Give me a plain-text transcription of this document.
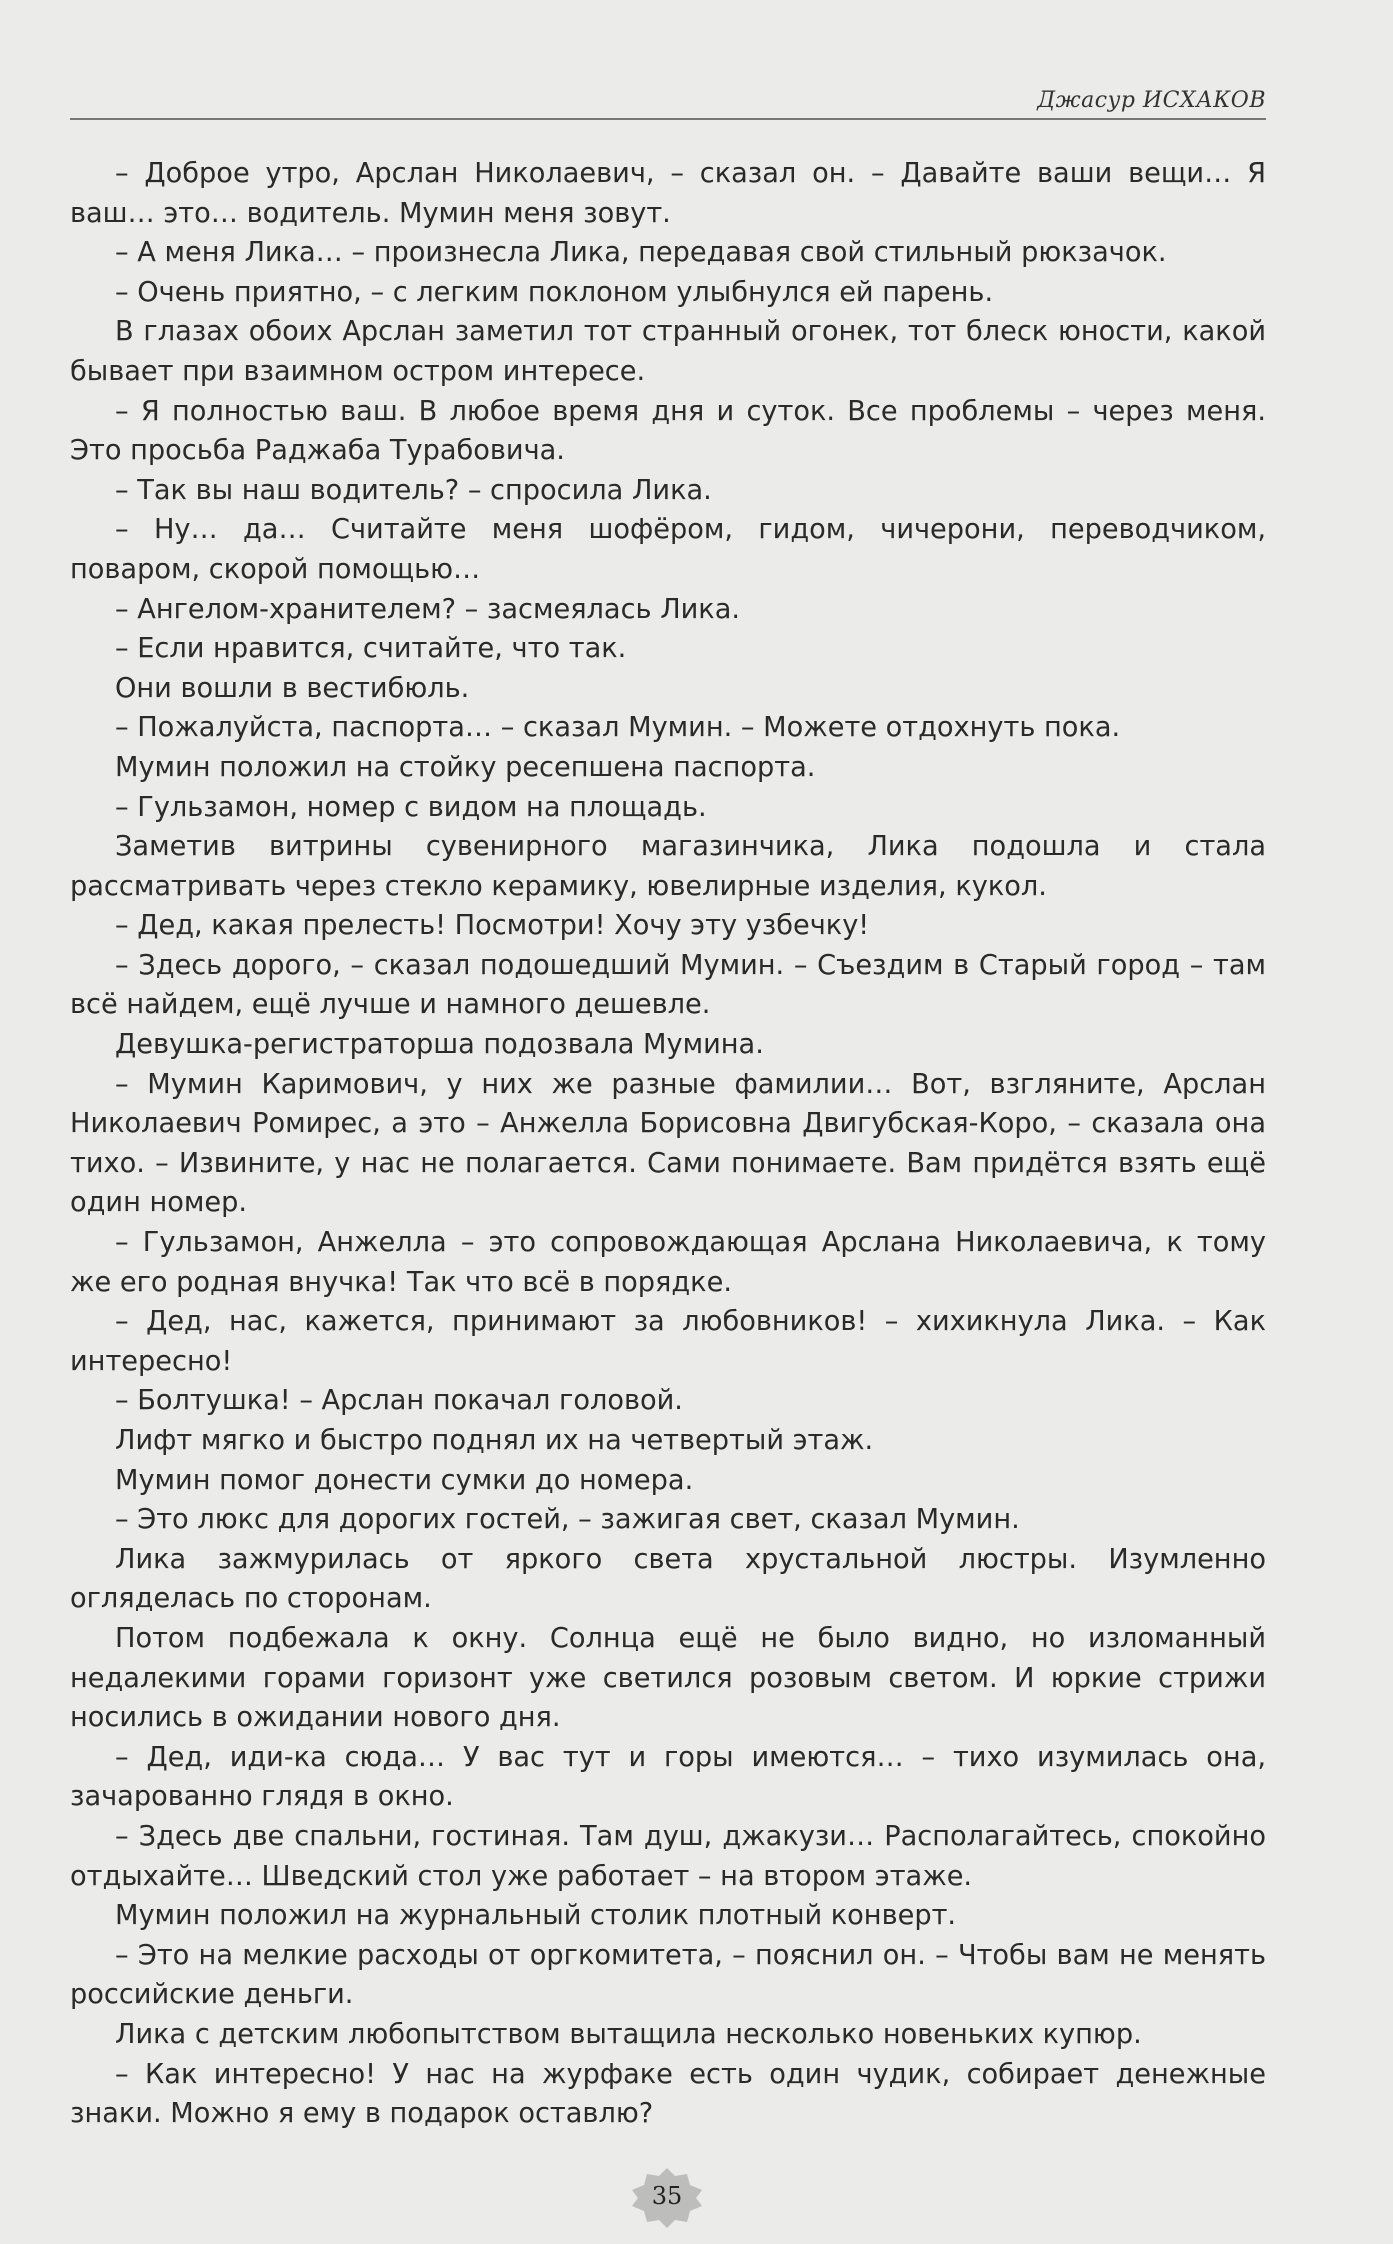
Джасур ИСХАКОВ

– Доброе утро, Арслан Николаевич, – сказал он. – Давайте ваши вещи… Я ваш… это… водитель. Мумин меня зовут.

– А меня Лика… – произнесла Лика, передавая свой стильный рюкзачок.

– Очень приятно, – с легким поклоном улыбнулся ей парень.

В глазах обоих Арслан заметил тот странный огонек, тот блеск юности, какой бывает при взаимном остром интересе.

– Я полностью ваш. В любое время дня и суток. Все проблемы – через меня. Это просьба Раджаба Турабовича.

– Так вы наш водитель? – спросила Лика.

– Ну… да… Считайте меня шофёром, гидом, чичерони, переводчиком, поваром, скорой помощью…

– Ангелом-хранителем? – засмеялась Лика.

– Если нравится, считайте, что так.

Они вошли в вестибюль.

– Пожалуйста, паспорта… – сказал Мумин. – Можете отдохнуть пока.

Мумин положил на стойку ресепшена паспорта.

– Гульзамон, номер с видом на площадь.

Заметив витрины сувенирного магазинчика, Лика подошла и стала рассматривать через стекло керамику, ювелирные изделия, кукол.

– Дед, какая прелесть! Посмотри! Хочу эту узбечку!

– Здесь дорого, – сказал подошедший Мумин. – Съездим в Старый город – там всё найдем, ещё лучше и намного дешевле.

Девушка-регистраторша подозвала Мумина.

– Мумин Каримович, у них же разные фамилии… Вот, взгляните, Арслан Николаевич Ромирес, а это – Анжелла Борисовна Двигубская-Коро, – сказала она тихо. – Извините, у нас не полагается. Сами понимаете. Вам придётся взять ещё один номер.

– Гульзамон, Анжелла – это сопровождающая Арслана Николаевича, к тому же его родная внучка! Так что всё в порядке.

– Дед, нас, кажется, принимают за любовников! – хихикнула Лика. – Как интересно!

– Болтушка! – Арслан покачал головой.

Лифт мягко и быстро поднял их на четвертый этаж.

Мумин помог донести сумки до номера.

– Это люкс для дорогих гостей, – зажигая свет, сказал Мумин.

Лика зажмурилась от яркого света хрустальной люстры. Изумленно огляделась по сторонам.

Потом подбежала к окну. Солнца ещё не было видно, но изломанный недалекими горами горизонт уже светился розовым светом. И юркие стрижи носились в ожидании нового дня.

– Дед, иди-ка сюда… У вас тут и горы имеются… – тихо изумилась она, зачарованно глядя в окно.

– Здесь две спальни, гостиная. Там душ, джакузи… Располагайтесь, спокойно отдыхайте… Шведский стол уже работает – на втором этаже.

Мумин положил на журнальный столик плотный конверт.

– Это на мелкие расходы от оргкомитета, – пояснил он. – Чтобы вам не менять российские деньги.

Лика с детским любопытством вытащила несколько новеньких купюр.

– Как интересно! У нас на журфаке есть один чудик, собирает денежные знаки. Можно я ему в подарок оставлю?

35
